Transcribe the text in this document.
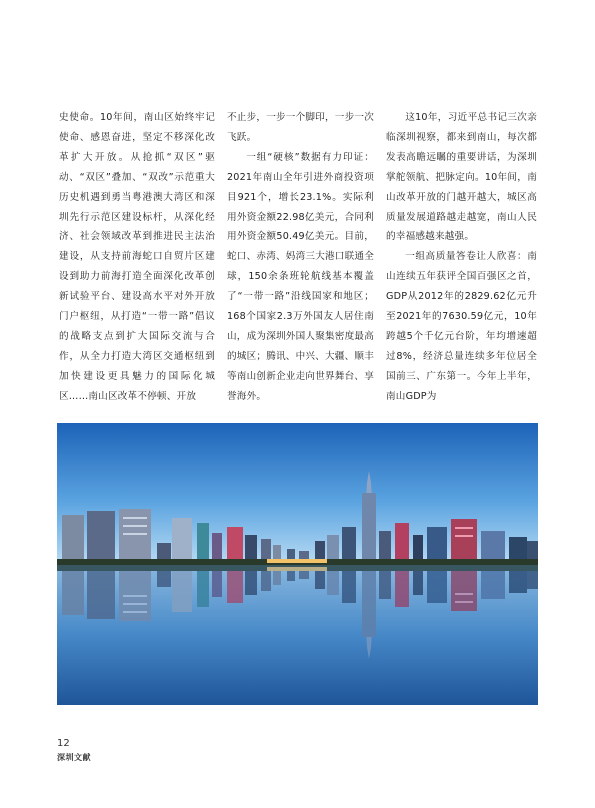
史使命。10年间，南山区始终牢记使命、感恩奋进，坚定不移深化改革扩大开放。从抢抓“双区”驱动、“双区”叠加、“双改”示范重大历史机遇到勇当粤港澳大湾区和深圳先行示范区建设标杆，从深化经济、社会领域改革到推进民主法治建设，从支持前海蛇口自贸片区建设到助力前海打造全面深化改革创新试验平台、建设高水平对外开放门户枢纽，从打造“一带一路”倡议的战略支点到扩大国际交流与合作，从全力打造大湾区交通枢纽到加快建设更具魅力的国际化城区……南山区改革不停顿、开放

不止步，一步一个脚印，一步一次飞跃。

一组“硬核”数据有力印证：2021年南山全年引进外商投资项目921个，增长23.1%。实际利用外资金额22.98亿美元，合同利用外资金额50.49亿美元。目前，蛇口、赤湾、妈湾三大港口联通全球，150余条班轮航线基本覆盖了“一带一路”沿线国家和地区；168个国家2.3万外国友人居住南山，成为深圳外国人聚集密度最高的城区；腾讯、中兴、大疆、顺丰等南山创新企业走向世界舞台、享誉海外。

这10年，习近平总书记三次亲临深圳视察，都来到南山，每次都发表高瞻远瞩的重要讲话，为深圳掌舵领航、把脉定向。10年间，南山改革开放的门越开越大，城区高质量发展道路越走越宽，南山人民的幸福感越来越强。

一组高质量答卷让人欣喜：南山连续五年获评全国百强区之首，GDP从2012年的2829.62亿元升至2021年的7630.59亿元，10年跨越5个千亿元台阶，年均增速超过8%，经济总量连续多年位居全国前三、广东第一。今年上半年，南山GDP为

12
深圳文献
